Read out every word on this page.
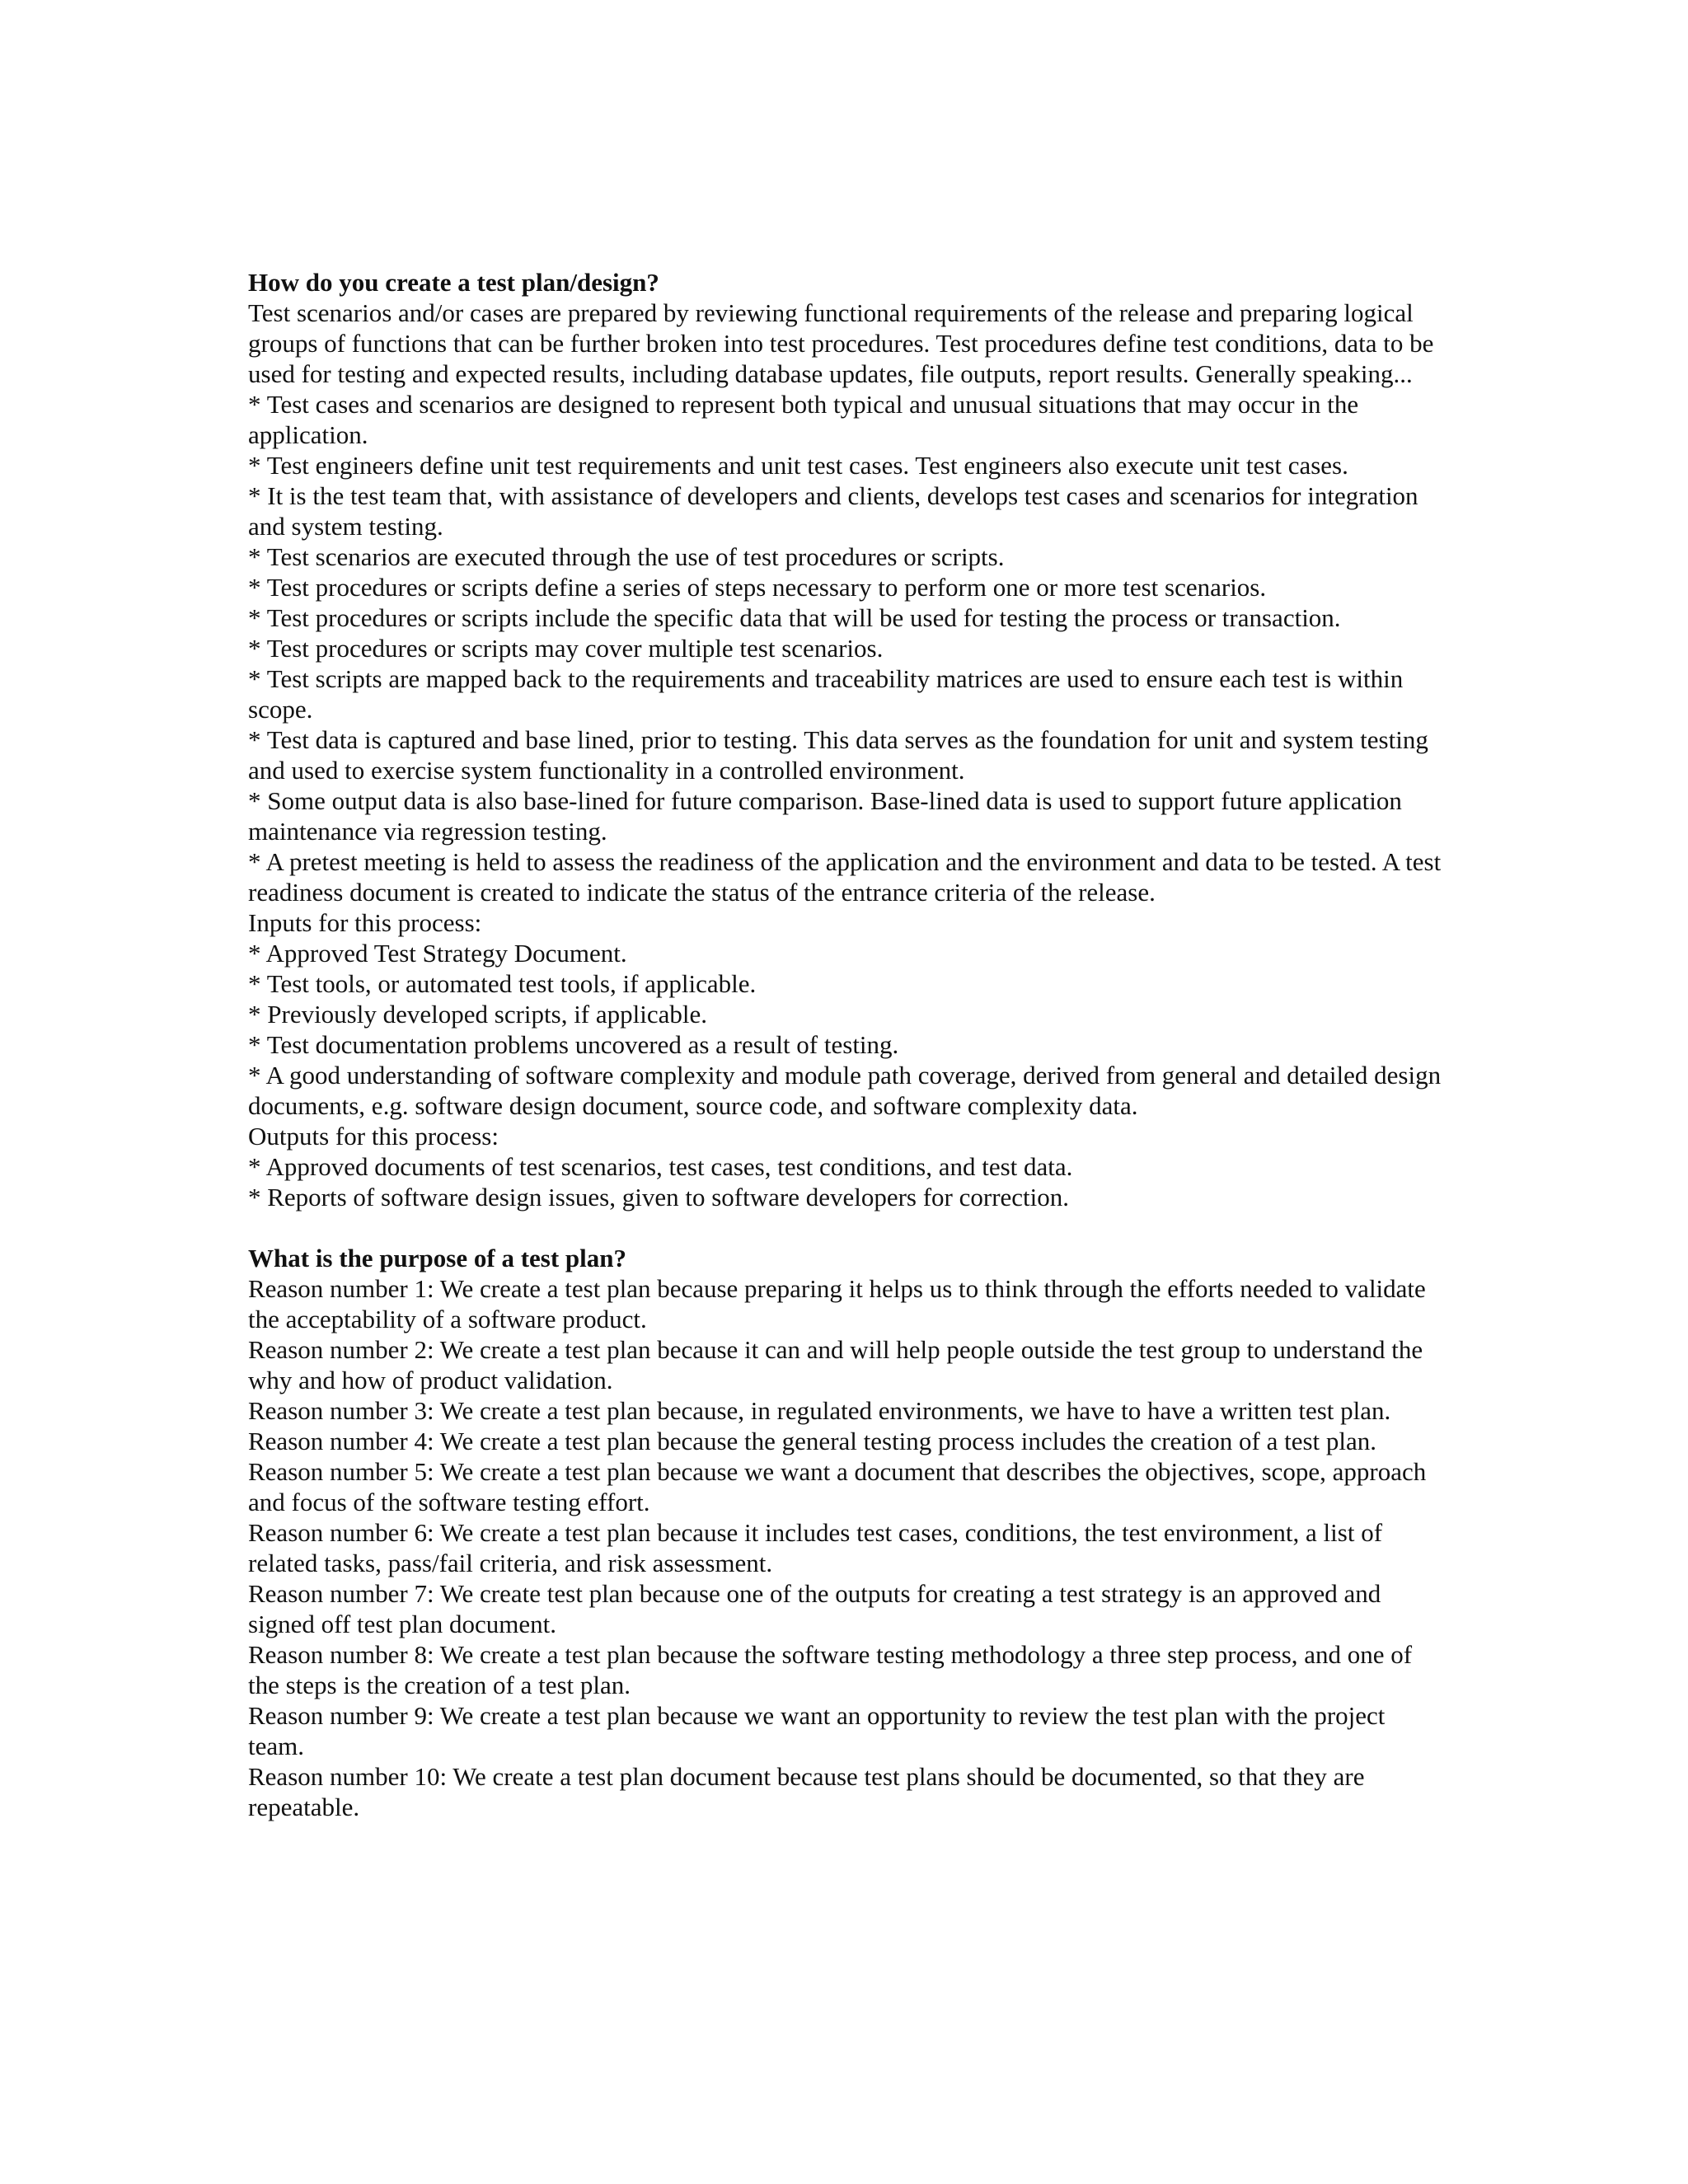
How do you create a test plan/design?
Test scenarios and/or cases are prepared by reviewing functional requirements of the release and preparing logical groups of functions that can be further broken into test procedures. Test procedures define test conditions, data to be used for testing and expected results, including database updates, file outputs, report results. Generally speaking...
* Test cases and scenarios are designed to represent both typical and unusual situations that may occur in the application.
* Test engineers define unit test requirements and unit test cases. Test engineers also execute unit test cases.
* It is the test team that, with assistance of developers and clients, develops test cases and scenarios for integration and system testing.
* Test scenarios are executed through the use of test procedures or scripts.
* Test procedures or scripts define a series of steps necessary to perform one or more test scenarios.
* Test procedures or scripts include the specific data that will be used for testing the process or transaction.
* Test procedures or scripts may cover multiple test scenarios.
* Test scripts are mapped back to the requirements and traceability matrices are used to ensure each test is within scope.
* Test data is captured and base lined, prior to testing. This data serves as the foundation for unit and system testing and used to exercise system functionality in a controlled environment.
* Some output data is also base-lined for future comparison. Base-lined data is used to support future application maintenance via regression testing.
* A pretest meeting is held to assess the readiness of the application and the environment and data to be tested. A test readiness document is created to indicate the status of the entrance criteria of the release.
Inputs for this process:
* Approved Test Strategy Document.
* Test tools, or automated test tools, if applicable.
* Previously developed scripts, if applicable.
* Test documentation problems uncovered as a result of testing.
* A good understanding of software complexity and module path coverage, derived from general and detailed design documents, e.g. software design document, source code, and software complexity data.
Outputs for this process:
* Approved documents of test scenarios, test cases, test conditions, and test data.
* Reports of software design issues, given to software developers for correction.
What is the purpose of a test plan?
Reason number 1: We create a test plan because preparing it helps us to think through the efforts needed to validate the acceptability of a software product.
Reason number 2: We create a test plan because it can and will help people outside the test group to understand the why and how of product validation.
Reason number 3: We create a test plan because, in regulated environments, we have to have a written test plan.
Reason number 4: We create a test plan because the general testing process includes the creation of a test plan.
Reason number 5: We create a test plan because we want a document that describes the objectives, scope, approach and focus of the software testing effort.
Reason number 6: We create a test plan because it includes test cases, conditions, the test environment, a list of related tasks, pass/fail criteria, and risk assessment.
Reason number 7: We create test plan because one of the outputs for creating a test strategy is an approved and signed off test plan document.
Reason number 8: We create a test plan because the software testing methodology a three step process, and one of the steps is the creation of a test plan.
Reason number 9: We create a test plan because we want an opportunity to review the test plan with the project team.
Reason number 10: We create a test plan document because test plans should be documented, so that they are repeatable.
